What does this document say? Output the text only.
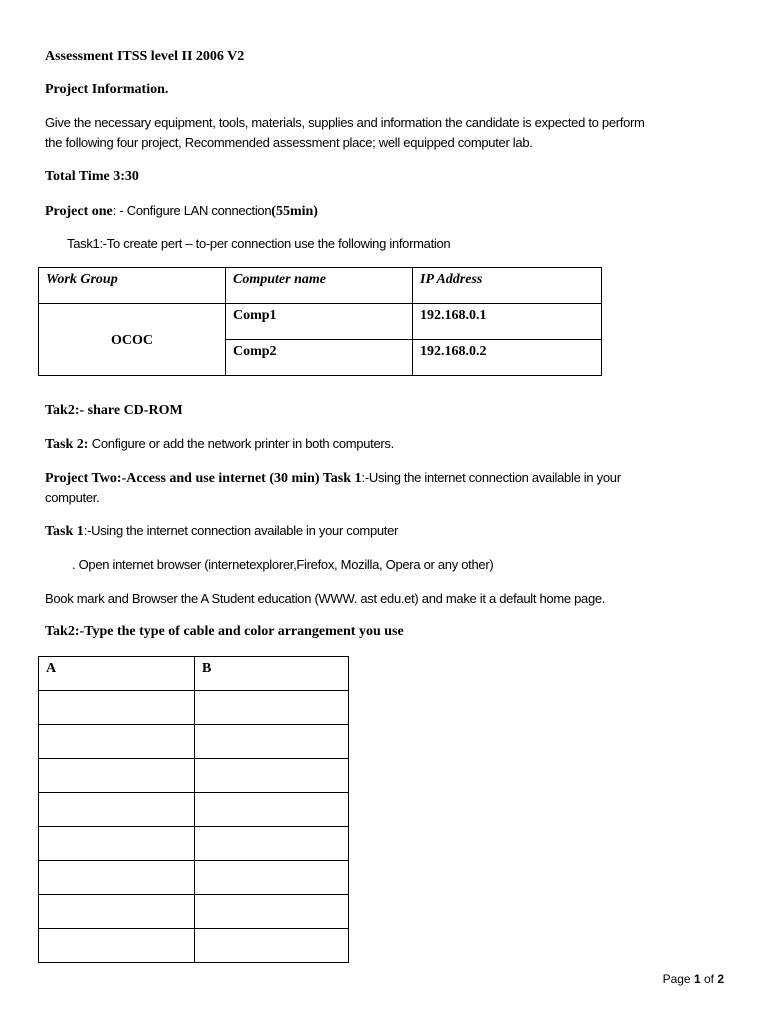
Assessment ITSS level II 2006 V2

Project Information.

Give the necessary equipment, tools, materials, supplies and information the candidate is expected to perform

the following four project, Recommended assessment place; well equipped computer lab.

Total Time 3:30

Project one: - Configure LAN connection(55min)

Task1:-To create pert – to-per connection use the following information

Work Group	Computer name	IP Address
OCOC	Comp1	192.168.0.1
	Comp2	192.168.0.2

Tak2:- share CD-ROM

Task 2: Configure or add the network printer in both computers.

Project Two:-Access and use internet (30 min) Task 1:-Using the internet connection available in your

computer.

Task 1:-Using the internet connection available in your computer

. Open internet browser (internetexplorer,Firefox, Mozilla, Opera or any other)

Book mark and Browser the A Student education (WWW. ast edu.et) and make it a default home page.

Tak2:-Type the type of cable and color arrangement you use

A	B

Page 1 of 2
